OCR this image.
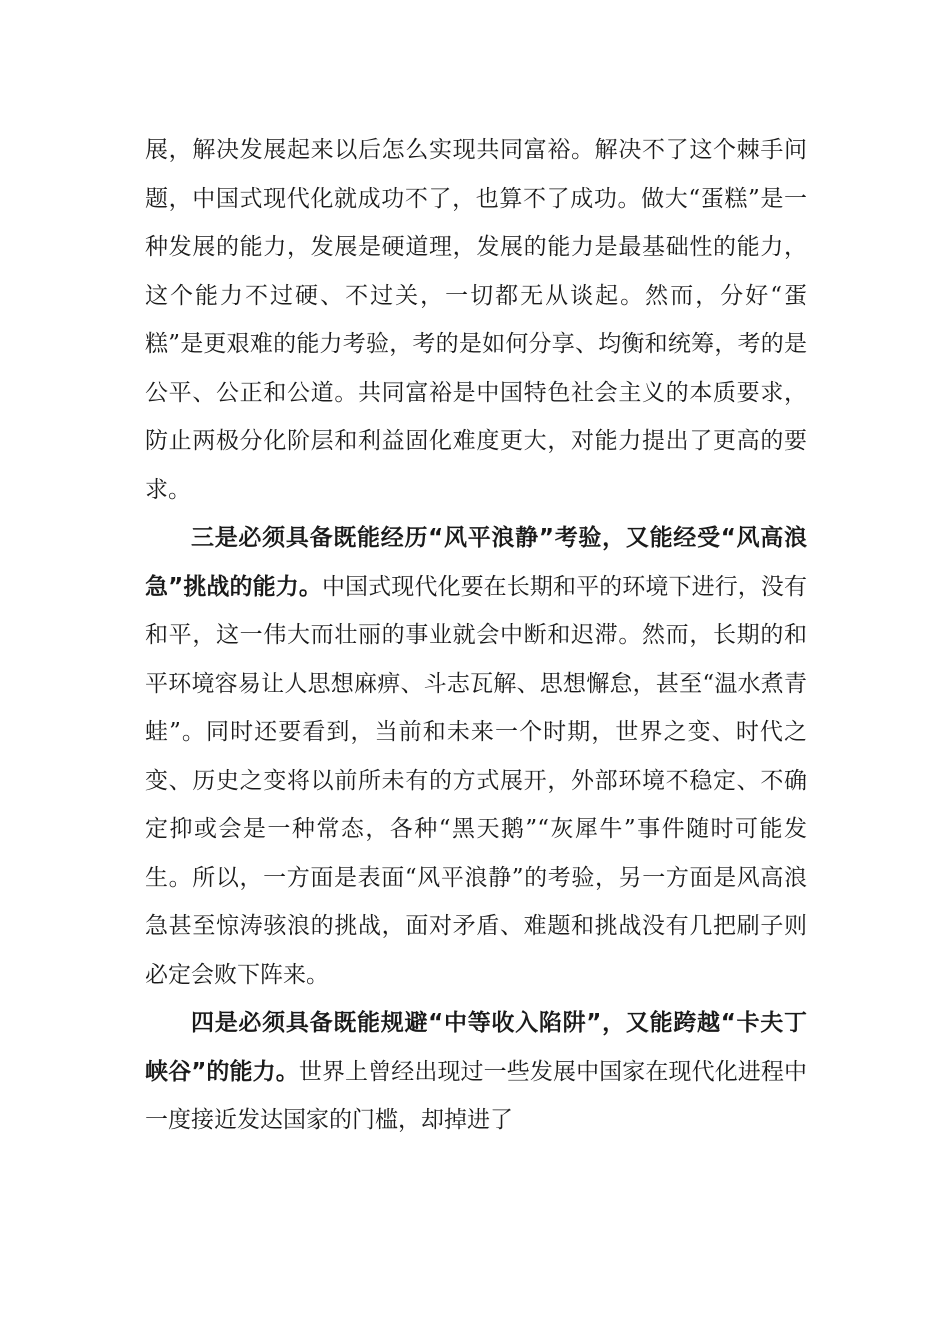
展，解决发展起来以后怎么实现共同富裕。解决不了这个棘手问题，中国式现代化就成功不了，也算不了成功。做大“蛋糕”是一种发展的能力，发展是硬道理，发展的能力是最基础性的能力，这个能力不过硬、不过关，一切都无从谈起。然而，分好“蛋糕”是更艰难的能力考验，考的是如何分享、均衡和统筹，考的是公平、公正和公道。共同富裕是中国特色社会主义的本质要求，防止两极分化阶层和利益固化难度更大，对能力提出了更高的要求。

三是必须具备既能经历“风平浪静”考验，又能经受“风高浪急”挑战的能力。中国式现代化要在长期和平的环境下进行，没有和平，这一伟大而壮丽的事业就会中断和迟滞。然而，长期的和平环境容易让人思想麻痹、斗志瓦解、思想懈怠，甚至“温水煮青蛙”。同时还要看到，当前和未来一个时期，世界之变、时代之变、历史之变将以前所未有的方式展开，外部环境不稳定、不确定抑或会是一种常态，各种“黑天鹅”“灰犀牛”事件随时可能发生。所以，一方面是表面“风平浪静”的考验，另一方面是风高浪急甚至惊涛骇浪的挑战，面对矛盾、难题和挑战没有几把刷子则必定会败下阵来。

四是必须具备既能规避“中等收入陷阱”，又能跨越“卡夫丁峡谷”的能力。世界上曾经出现过一些发展中国家在现代化进程中一度接近发达国家的门槛，却掉进了
